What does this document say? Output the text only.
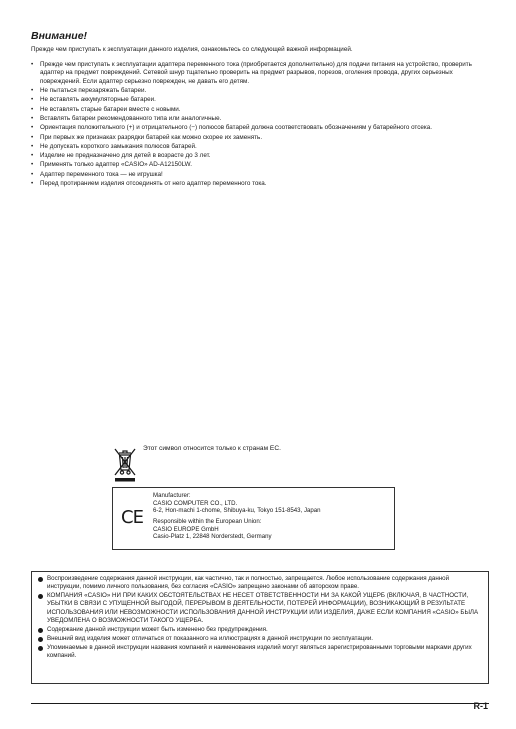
Внимание!
Прежде чем приступать к эксплуатации данного изделия, ознакомьтесь со следующей важной информацией.
• Прежде чем приступать к эксплуатации адаптера переменного тока (приобретается дополнительно) для подачи питания на устройство, проверить адаптер на предмет повреждений. Сетевой шнур тщательно проверить на предмет разрывов, порезов, оголения провода, других серьезных повреждений. Если адаптер серьезно поврежден, не давать его детям.
• Не пытаться перезаряжать батареи.
• Не вставлять аккумуляторные батареи.
• Не вставлять старые батареи вместе с новыми.
• Вставлять батареи рекомендованного типа или аналогичные.
• Ориентация положительного (+) и отрицательного (−) полюсов батарей должна соответствовать обозначениям у батарейного отсека.
• При первых же признаках разрядки батарей как можно скорее их заменять.
• Не допускать короткого замыкания полюсов батарей.
• Изделие не предназначено для детей в возрасте до 3 лет.
• Применять только адаптер «CASIO» AD-A12150LW.
• Адаптер переменного тока — не игрушка!
• Перед протиранием изделия отсоединять от него адаптер переменного тока.
Этот символ относится только к странам ЕС.
CE
Manufacturer:
CASIO COMPUTER CO., LTD.
6-2, Hon-machi 1-chome, Shibuya-ku, Tokyo 151-8543, Japan
Responsible within the European Union:
CASIO EUROPE GmbH
Casio-Platz 1, 22848 Norderstedt, Germany
Воспроизведение содержания данной инструкции, как частично, так и полностью, запрещается. Любое использование содержания данной инструкции, помимо личного пользования, без согласия «CASIO» запрещено законами об авторском праве.
КОМПАНИЯ «CASIO» НИ ПРИ КАКИХ ОБСТОЯТЕЛЬСТВАХ НЕ НЕСЕТ ОТВЕТСТВЕННОСТИ НИ ЗА КАКОЙ УЩЕРБ (ВКЛЮЧАЯ, В ЧАСТНОСТИ, УБЫТКИ В СВЯЗИ С УПУЩЕННОЙ ВЫГОДОЙ, ПЕРЕРЫВОМ В ДЕЯТЕЛЬНОСТИ, ПОТЕРЕЙ ИНФОРМАЦИИ), ВОЗНИКАЮЩИЙ В РЕЗУЛЬТАТЕ ИСПОЛЬЗОВАНИЯ ИЛИ НЕВОЗМОЖНОСТИ ИСПОЛЬЗОВАНИЯ ДАННОЙ ИНСТРУКЦИИ ИЛИ ИЗДЕЛИЯ, ДАЖЕ ЕСЛИ КОМПАНИЯ «CASIO» БЫЛА УВЕДОМЛЕНА О ВОЗМОЖНОСТИ ТАКОГО УЩЕРБА.
Содержание данной инструкции может быть изменено без предупреждения.
Внешний вид изделия может отличаться от показанного на иллюстрациях в данной инструкции по эксплуатации.
Упоминаемые в данной инструкции названия компаний и наименования изделий могут являться зарегистрированными торговыми марками других компаний.
R-1
